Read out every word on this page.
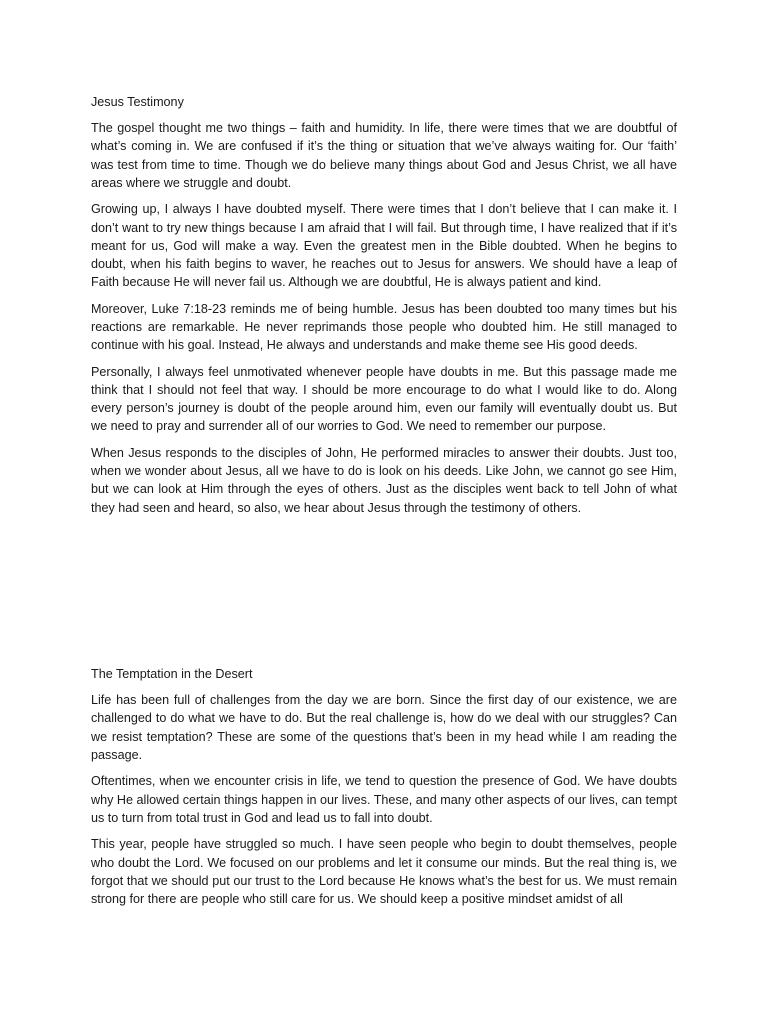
Jesus Testimony

The gospel thought me two things – faith and humidity. In life, there were times that we are doubtful of what’s coming in. We are confused if it’s the thing or situation that we’ve always waiting for. Our ‘faith’ was test from time to time. Though we do believe many things about God and Jesus Christ, we all have areas where we struggle and doubt.

Growing up, I always I have doubted myself. There were times that I don’t believe that I can make it. I don’t want to try new things because I am afraid that I will fail. But through time, I have realized that if it’s meant for us, God will make a way. Even the greatest men in the Bible doubted. When he begins to doubt, when his faith begins to waver, he reaches out to Jesus for answers. We should have a leap of Faith because He will never fail us. Although we are doubtful, He is always patient and kind.

Moreover, Luke 7:18-23 reminds me of being humble. Jesus has been doubted too many times but his reactions are remarkable. He never reprimands those people who doubted him. He still managed to continue with his goal. Instead, He always and understands and make theme see His good deeds.

Personally, I always feel unmotivated whenever people have doubts in me. But this passage made me think that I should not feel that way. I should be more encourage to do what I would like to do. Along every person’s journey is doubt of the people around him, even our family will eventually doubt us. But we need to pray and surrender all of our worries to God. We need to remember our purpose.

When Jesus responds to the disciples of John, He performed miracles to answer their doubts. Just too, when we wonder about Jesus, all we have to do is look on his deeds. Like John, we cannot go see Him, but we can look at Him through the eyes of others. Just as the disciples went back to tell John of what they had seen and heard, so also, we hear about Jesus through the testimony of others.

The Temptation in the Desert

Life has been full of challenges from the day we are born. Since the first day of our existence, we are challenged to do what we have to do. But the real challenge is, how do we deal with our struggles? Can we resist temptation? These are some of the questions that’s been in my head while I am reading the passage.

Oftentimes, when we encounter crisis in life, we tend to question the presence of God. We have doubts why He allowed certain things happen in our lives. These, and many other aspects of our lives, can tempt us to turn from total trust in God and lead us to fall into doubt.

This year, people have struggled so much. I have seen people who begin to doubt themselves, people who doubt the Lord. We focused on our problems and let it consume our minds. But the real thing is, we forgot that we should put our trust to the Lord because He knows what’s the best for us. We must remain strong for there are people who still care for us. We should keep a positive mindset amidst of all
